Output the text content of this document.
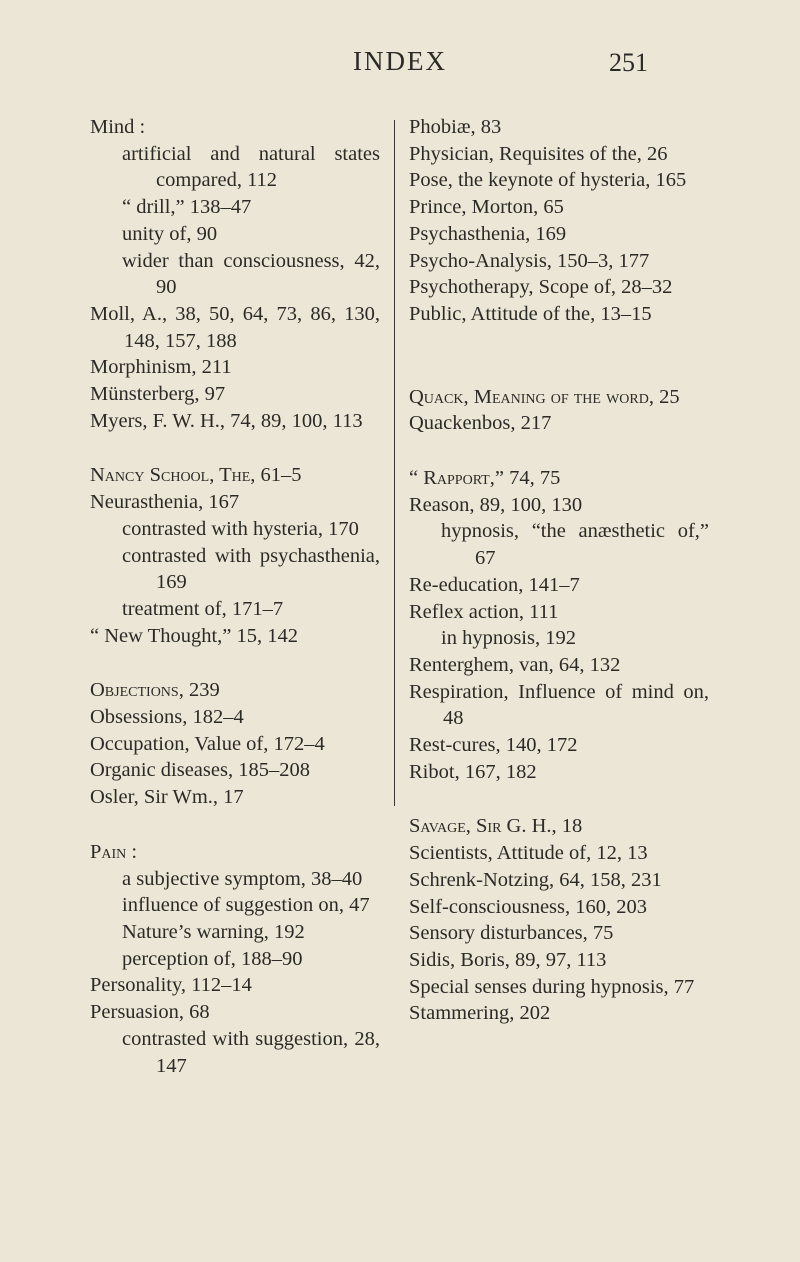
INDEX	251
Mind :
artificial and natural states compared, 112
“ drill,” 138–47
unity of, 90
wider than consciousness, 42, 90
Moll, A., 38, 50, 64, 73, 86, 130, 148, 157, 188
Morphinism, 211
Münsterberg, 97
Myers, F. W. H., 74, 89, 100, 113
Nancy School, The, 61–5
Neurasthenia, 167
contrasted with hysteria, 170
contrasted with psychasthenia, 169
treatment of, 171–7
“ New Thought,” 15, 142
Objections, 239
Obsessions, 182–4
Occupation, Value of, 172–4
Organic diseases, 185–208
Osler, Sir Wm., 17
Pain :
a subjective symptom, 38–40
influence of suggestion on, 47
Nature’s warning, 192
perception of, 188–90
Personality, 112–14
Persuasion, 68
contrasted with suggestion, 28, 147
Phobiæ, 83
Physician, Requisites of the, 26
Pose, the keynote of hysteria, 165
Prince, Morton, 65
Psychasthenia, 169
Psycho-Analysis, 150–3, 177
Psychotherapy, Scope of, 28–32
Public, Attitude of the, 13–15
Quack, Meaning of the word, 25
Quackenbos, 217
“ Rapport,” 74, 75
Reason, 89, 100, 130
hypnosis, “the anæsthetic of,” 67
Re-education, 141–7
Reflex action, 111
in hypnosis, 192
Renterghem, van, 64, 132
Respiration, Influence of mind on, 48
Rest-cures, 140, 172
Ribot, 167, 182
Savage, Sir G. H., 18
Scientists, Attitude of, 12, 13
Schrenk-Notzing, 64, 158, 231
Self-consciousness, 160, 203
Sensory disturbances, 75
Sidis, Boris, 89, 97, 113
Special senses during hypnosis, 77
Stammering, 202
